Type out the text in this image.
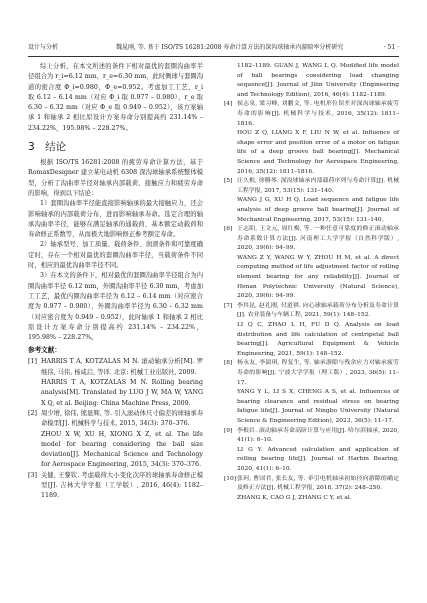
设计与分析	魏晁刚, 等. 基于 ISO/TS 16281:2008 寿命计算方法的深沟球轴承内游隙率分析研究	· 51 ·

综上分析，在本文所述的条件下相对最优的套圈沟曲率半径组合为 r_i=6.12 mm，r_e=6.30 mm，此时侧球与套圈沟道的密合度 Φ_i=0.980，Φ_e=0.952。考虑加工工艺，r_i 取 6.12 – 6.14 mm（对应 Φ_i 取 0.977 – 0.980），r_e 取 6.30 – 6.32 mm（对应 Φ_e 取 0.949 – 0.952），该方案轴承 1 和轴承 2 相比原设计方案寿命分别提高约 231.14% – 234.22%，195.98% – 228.27%。

3　结论

根据 ISO/TS 16281:2008 的疲劳寿命计算方法，基于 RomaxDesigner 建立某电动机 6308 深沟球轴承系统整体模型，分析了沟曲率半径对轴承内部载荷、接触应力和疲劳寿命的影响，得到以下结论：

1）套圈沟曲率半径能直接影响轴承的最大接触应力，还会影响轴承的内部载荷分布，进而影响轴承寿命。选定合理的轴承沟曲率半径，能够在满足轴承的通载荷、基本额定动载荷和寿命修正系数等，从而极大地影响修正参考额定寿命。

2）轴承型号、加工质量、载荷条件、润滑条件和可靠度确定时，存在一个相对最优的套圈沟曲率半径，当载荷条件不同时，相应的最优沟曲率半径不同。

3）在本文的条件下，相对最优的套圈沟曲率半径组合为内圈沟曲率半径 6.12 mm，外圈沟曲率半径 6.30 mm，考虑加工工艺，最优内圈沟曲率半径为 6.12 – 6.14 mm（对应密合度为 0.977 – 0.980），外圈沟曲率半径为 6.30 – 6.32 mm（对应密合度为 0.949 – 0.952），此时轴承 1 和轴承 2 相比原设计方案寿命分别提高约 231.14% – 234.22%，195.98% – 228.27%。

参考文献：
[1] HARRIS T A, KOTZALAS M N. 滚动轴承分析[M]. 罗继伟, 马伟, 杨咸启, 等译. 北京: 机械工业出版社, 2009.
HARRIS T A, KOTZALAS M N. Rolling bearing analysis[M]. Translated by LUO J W, MA W, YANG X Q, et al. Beijing: China Machine Press, 2009.
[2] 周少增, 徐伟, 熊显辉, 等. 引入滚动体尺寸偏差的球轴承寿命模型[J]. 机械科学与技术, 2015, 34(3): 370–376.
ZHOU X W, XU H, XIONG X Z, et al. The life model for bearing considering the ball size deviation[J]. Mechanical Science and Technology for Aerospace Engineering, 2015, 34(3): 370–376.
[3] 关健, 王黎钦. 考虑载荷大小变化次序的球轴承寿命修正模型[J]. 吉林大学学报（工学版）, 2016, 46(4): 1182–1189.
1182–1189. GUAN J, WANG L Q. Modified life model of ball bearings considering load changing sequence[J]. Journal of Jilin University (Engineering and Technology Edition), 2016, 46(4): 1182–1189.
[4] 侯志泉, 梁习峰, 刘鹏文, 等. 电机形位误差对深沟球轴承疲劳寿命的影响[J]. 机械科学与技术, 2016, 35(12): 1811–1816.
HOU Z Q, LIANG X F, LIU N W, et al. Influence of shape error and position error of a motor on fatigue life of a deep groove ball bearing[J]. Mechanical Science and Technology for Aerospace Engineering, 2016, 35(12): 1811–1816.
[5] 汪久根, 徐腾琴. 深沟球轴承内部载荷序列与寿命计算[J]. 机械工程学报, 2017, 53(15): 131–140.
WANG J G, XU H Q. Load sequence and fatigue life analysis of deep groove ball bearing[J]. Journal of Mechanical Engineering, 2017, 53(15): 131–140.
[6] 王志阳, 王文元, 周红梅, 等. 一种任意可靠度的修正滚动轴承寿命系数计算方法[J]. 河南理工大学学报（自然科学版）, 2020, 39(6): 94–99.
WANG Z Y, WANG W Y, ZHOU H M, et al. A direct computing method of life adjustment factor of rolling element bearing for any reliability[J]. Journal of Henan Polytechnic University (Natural Science), 2020, 39(6): 94–99.
[7] 李其昆, 赵礼刚, 付道祺. 向心球轴承载荷分布分析及寿命计算[J]. 农业装备与车辆工程, 2021, 59(1): 148–152.
LI Q C, ZHAO L H, FU D Q. Analysis on load distribution and life calculation of centripetal ball bearing[J]. Agricultural Equipment & Vehicle Engineering, 2021, 59(1): 148–152.
[8] 杨永友, 李淑琪, 程复生, 等. 轴承游隙与残余应力对轴承疲劳寿命的影响[J]. 宁波大学学报（理工版）, 2023, 36(5): 11–17.
YANG Y L, LI S X, CHENG A S, et al. Influences of bearing clearance and residual stress on bearing fatigue life[J]. Journal of Ningbo University (Natural Science & Engineering Edition), 2023, 36(5): 11–17.
[9] 李根岩. 滚动轴承寿命高阶计算与应用[J]. 哈尔滨轴承, 2020, 41(1): 6–10.
LI G Y. Advanced calculation and application of rolling bearing life[J]. Journal of Harbin Bearing, 2020, 41(1): 6–10.
[10] 张珂, 曹国君, 张长友, 等. 牵引电机轴承初始径向游隙的确定及修正方法[J]. 机械工程学报, 2018, 37(2): 248–250.
ZHANG K, CAO G J, ZHANG C Y, et al.
